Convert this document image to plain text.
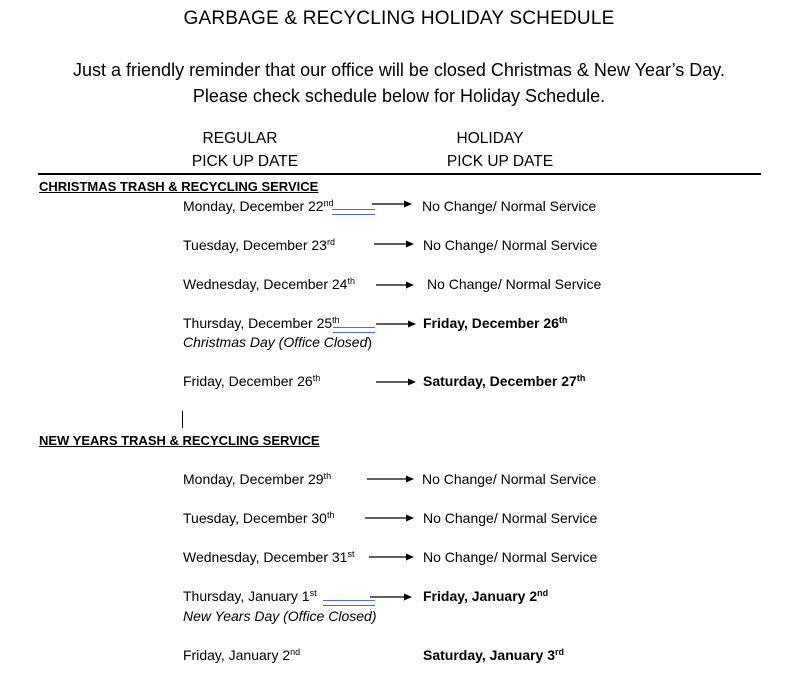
GARBAGE & RECYCLING HOLIDAY SCHEDULE
Just a friendly reminder that our office will be closed Christmas & New Year’s Day.
Please check schedule below for Holiday Schedule.
REGULAR
PICK UP DATE
HOLIDAY
PICK UP DATE
CHRISTMAS TRASH & RECYCLING SERVICE
Monday, December 22nd	No Change/ Normal Service
Tuesday, December 23rd	No Change/ Normal Service
Wednesday, December 24th	No Change/ Normal Service
Thursday, December 25th	Friday, December 26th
Christmas Day (Office Closed)
Friday, December 26th	Saturday, December 27th
NEW YEARS TRASH & RECYCLING SERVICE
Monday, December 29th	No Change/ Normal Service
Tuesday, December 30th	No Change/ Normal Service
Wednesday, December 31st	No Change/ Normal Service
Thursday, January 1st	Friday, January 2nd
New Years Day (Office Closed)
Friday, January 2nd	Saturday, January 3rd
